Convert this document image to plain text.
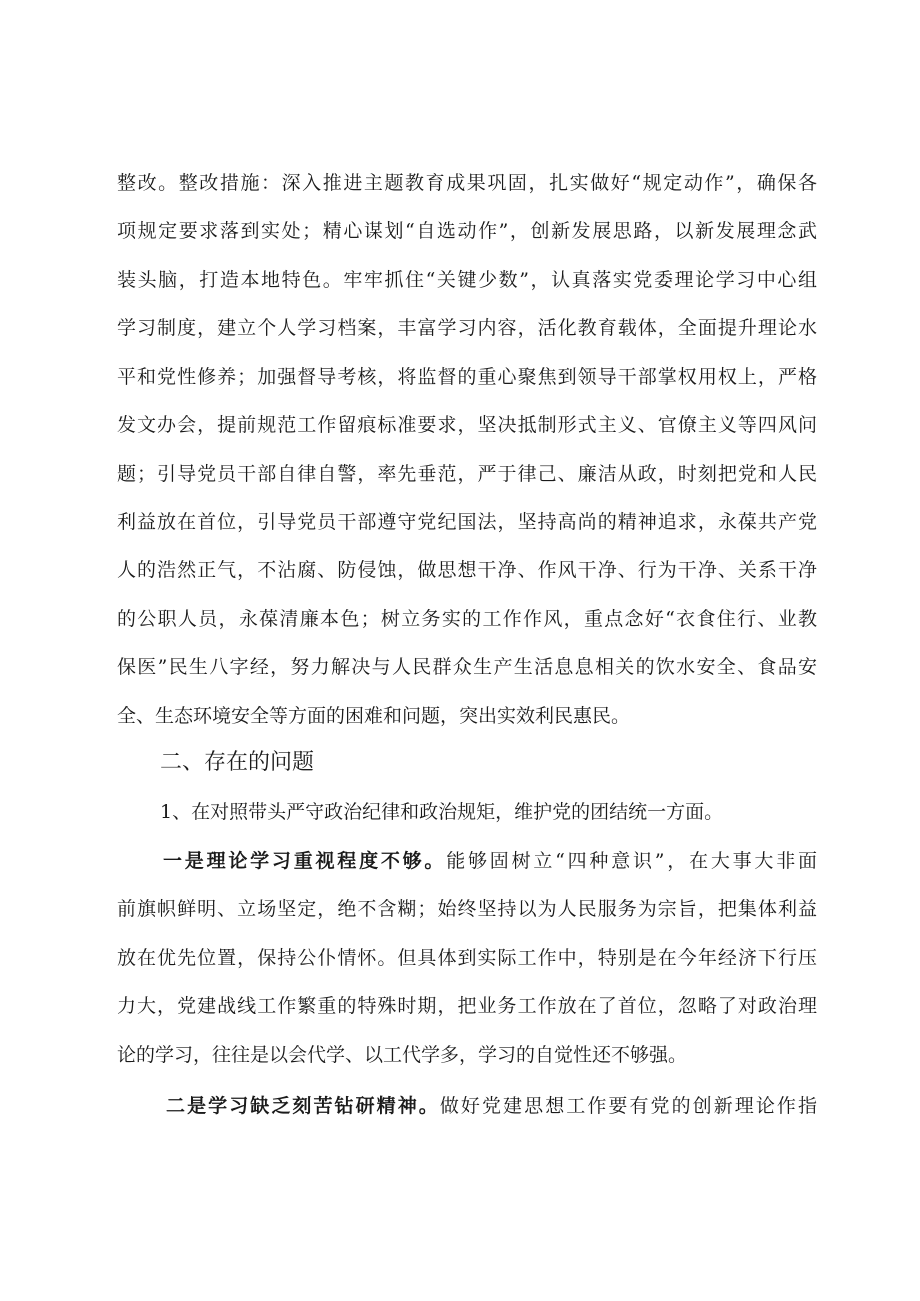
整改。整改措施：深入推进主题教育成果巩固，扎实做好“规定动作”，确保各
项规定要求落到实处；精心谋划“自选动作”，创新发展思路，以新发展理念武
装头脑，打造本地特色。牢牢抓住“关键少数”，认真落实党委理论学习中心组
学习制度，建立个人学习档案，丰富学习内容，活化教育载体，全面提升理论水
平和党性修养；加强督导考核，将监督的重心聚焦到领导干部掌权用权上，严格
发文办会，提前规范工作留痕标准要求，坚决抵制形式主义、官僚主义等四风问
题；引导党员干部自律自警，率先垂范，严于律己、廉洁从政，时刻把党和人民
利益放在首位，引导党员干部遵守党纪国法，坚持高尚的精神追求，永葆共产党
人的浩然正气，不沾腐、防侵蚀，做思想干净、作风干净、行为干净、关系干净
的公职人员，永葆清廉本色；树立务实的工作作风，重点念好“衣食住行、业教
保医”民生八字经，努力解决与人民群众生产生活息息相关的饮水安全、食品安
全、生态环境安全等方面的困难和问题，突出实效利民惠民。
二、存在的问题
1、在对照带头严守政治纪律和政治规矩，维护党的团结统一方面。
一是理论学习重视程度不够。能够固树立“四种意识”，在大事大非面
前旗帜鲜明、立场坚定，绝不含糊；始终坚持以为人民服务为宗旨，把集体利益
放在优先位置，保持公仆情怀。但具体到实际工作中，特别是在今年经济下行压
力大，党建战线工作繁重的特殊时期，把业务工作放在了首位，忽略了对政治理
论的学习，往往是以会代学、以工代学多，学习的自觉性还不够强。
二是学习缺乏刻苦钻研精神。做好党建思想工作要有党的创新理论作指
